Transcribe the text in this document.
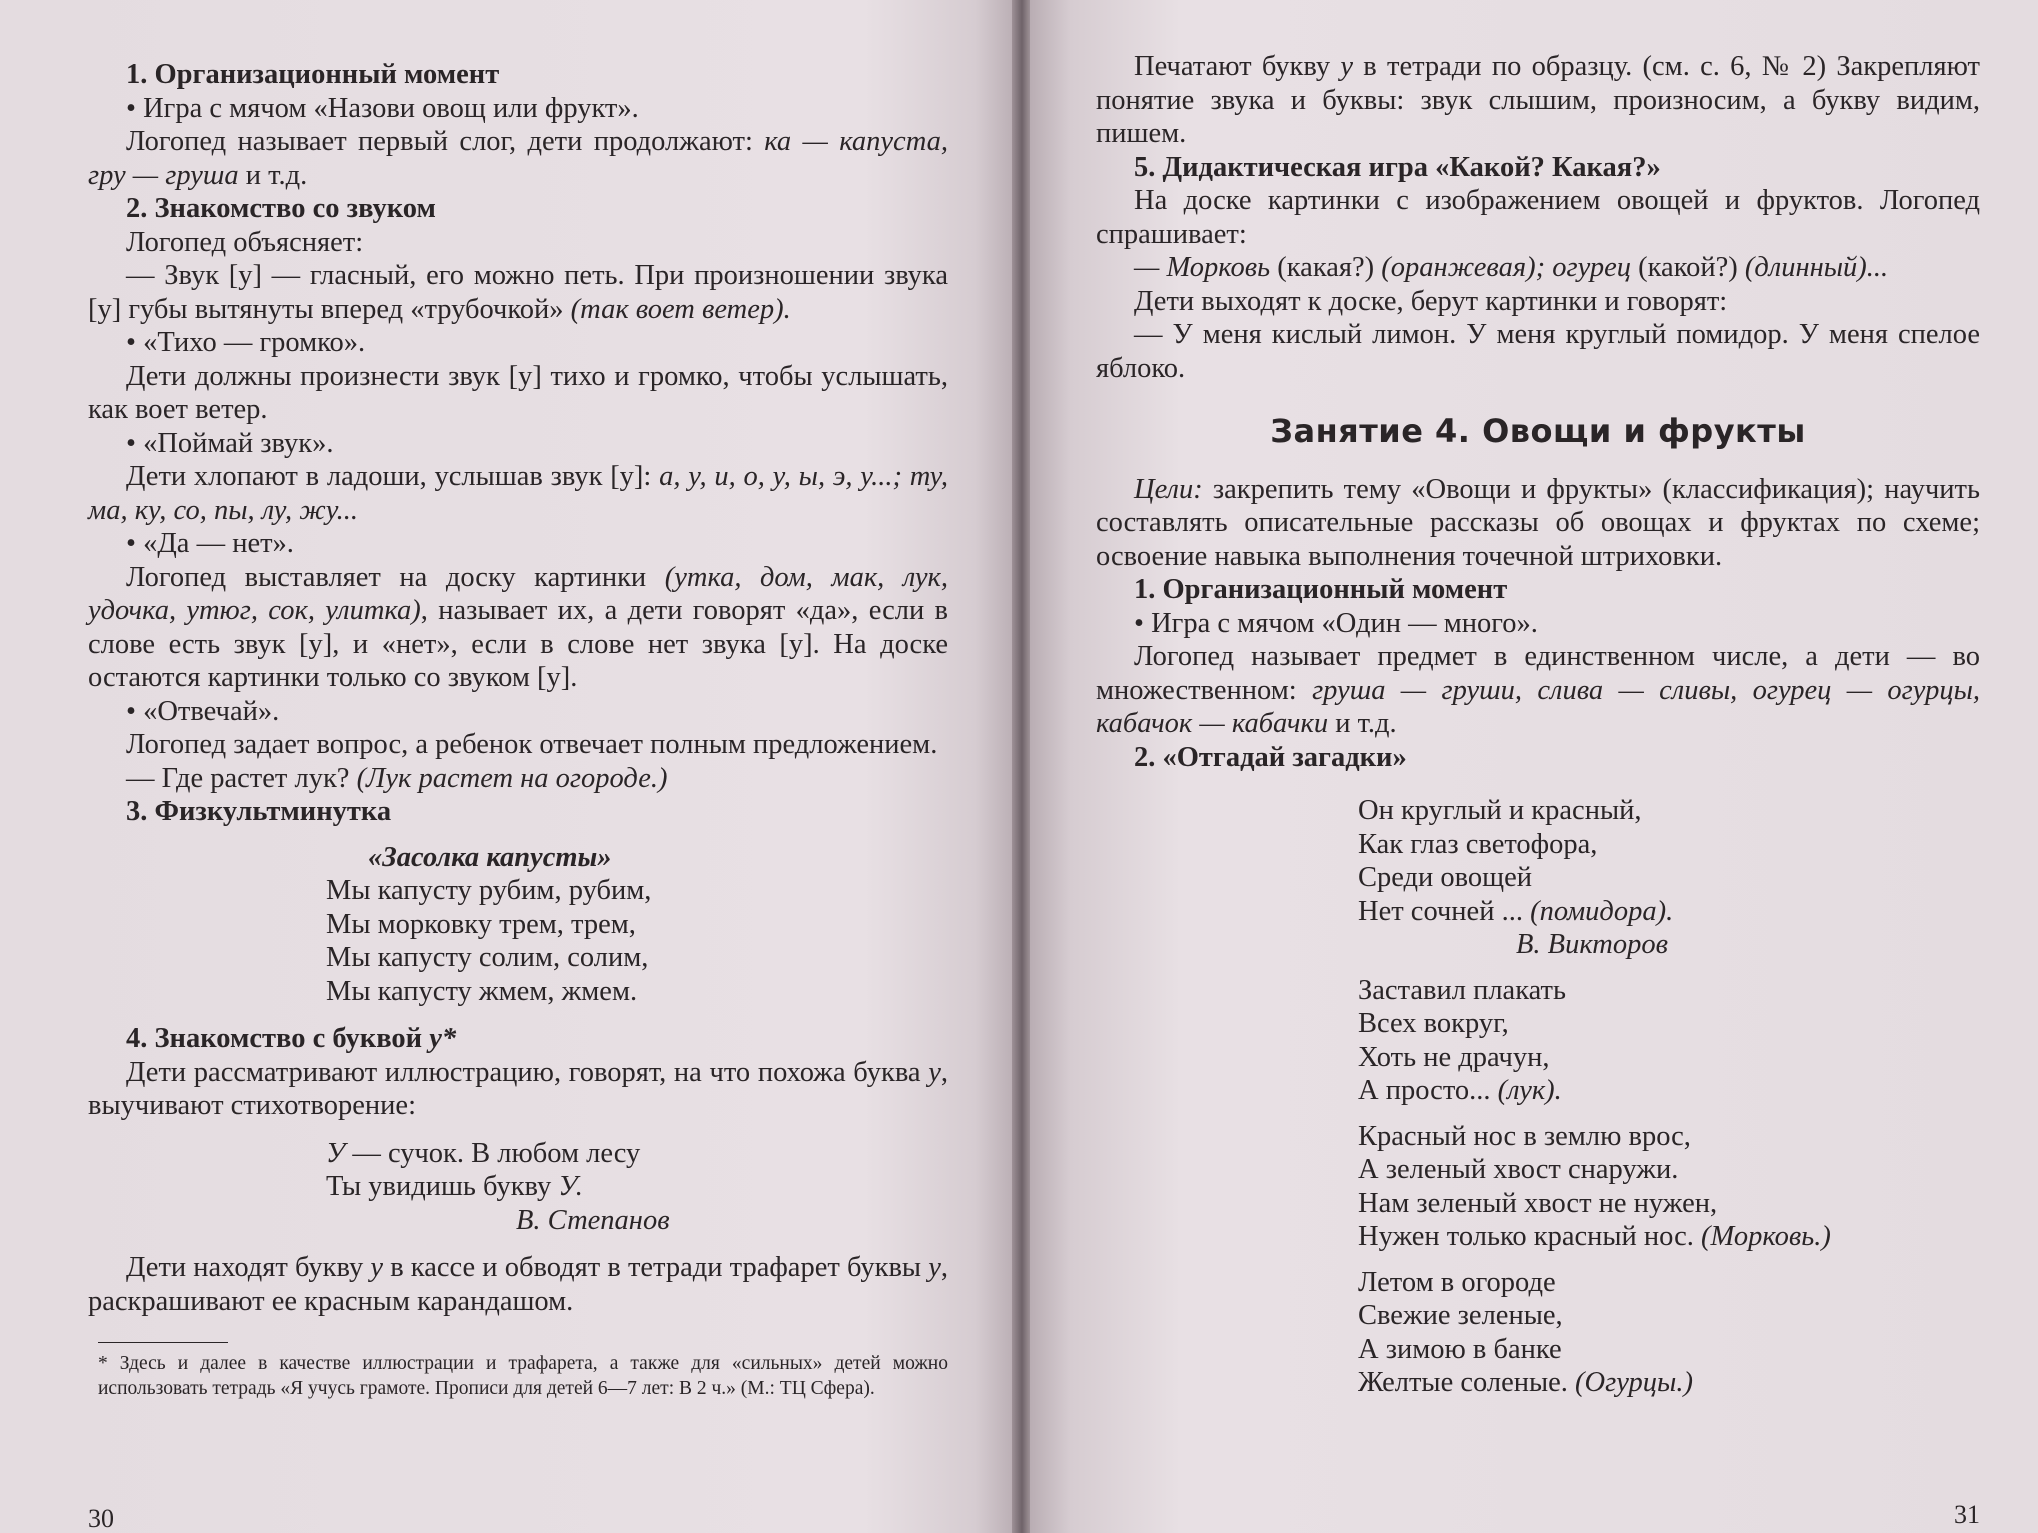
1. Организационный момент

• Игра с мячом «Назови овощ или фрукт».

Логопед называет первый слог, дети продолжают: ка — капуста, гру — груша и т.д.

2. Знакомство со звуком

Логопед объясняет:

— Звук [у] — гласный, его можно петь. При произношении звука [у] губы вытянуты вперед «трубочкой» (так воет ветер).

• «Тихо — громко».

Дети должны произнести звук [у] тихо и громко, чтобы услышать, как воет ветер.

• «Поймай звук».

Дети хлопают в ладоши, услышав звук [у]: а, у, и, о, у, ы, э, у...; ту, ма, ку, со, пы, лу, жу...

• «Да — нет».

Логопед выставляет на доску картинки (утка, дом, мак, лук, удочка, утюг, сок, улитка), называет их, а дети говорят «да», если в слове есть звук [у], и «нет», если в слове нет звука [у]. На доске остаются картинки только со звуком [у].

• «Отвечай».

Логопед задает вопрос, а ребенок отвечает полным предложением.

— Где растет лук? (Лук растет на огороде.)

3. Физкультминутка

«Засолка капусты»

Мы капусту рубим, рубим,

Мы морковку трем, трем,

Мы капусту солим, солим,

Мы капусту жмем, жмем.

4. Знакомство с буквой у*

Дети рассматривают иллюстрацию, говорят, на что похожа буква у, выучивают стихотворение:

У — сучок. В любом лесу

Ты увидишь букву У.

В. Степанов

Дети находят букву у в кассе и обводят в тетради трафарет буквы у, раскрашивают ее красным карандашом.

* Здесь и далее в качестве иллюстрации и трафарета, а также для «сильных» детей можно использовать тетрадь «Я учусь грамоте. Прописи для детей 6—7 лет: В 2 ч.» (М.: ТЦ Сфера).

30

Печатают букву у в тетради по образцу. (см. с. 6, № 2) Закрепляют понятие звука и буквы: звук слышим, произносим, а букву видим, пишем.

5. Дидактическая игра «Какой? Какая?»

На доске картинки с изображением овощей и фруктов. Логопед спрашивает:

— Морковь (какая?) (оранжевая); огурец (какой?) (длинный)...

Дети выходят к доске, берут картинки и говорят:

— У меня кислый лимон. У меня круглый помидор. У меня спелое яблоко.

Занятие 4. Овощи и фрукты

Цели: закрепить тему «Овощи и фрукты» (классификация); научить составлять описательные рассказы об овощах и фруктах по схеме; освоение навыка выполнения точечной штриховки.

1. Организационный момент

• Игра с мячом «Один — много».

Логопед называет предмет в единственном числе, а дети — во множественном: груша — груши, слива — сливы, огурец — огурцы, кабачок — кабачки и т.д.

2. «Отгадай загадки»

Он круглый и красный,

Как глаз светофора,

Среди овощей

Нет сочней ... (помидора).

В. Викторов

Заставил плакать

Всех вокруг,

Хоть не драчун,

А просто... (лук).

Красный нос в землю врос,

А зеленый хвост снаружи.

Нам зеленый хвост не нужен,

Нужен только красный нос. (Морковь.)

Летом в огороде

Свежие зеленые,

А зимою в банке

Желтые соленые. (Огурцы.)

31
